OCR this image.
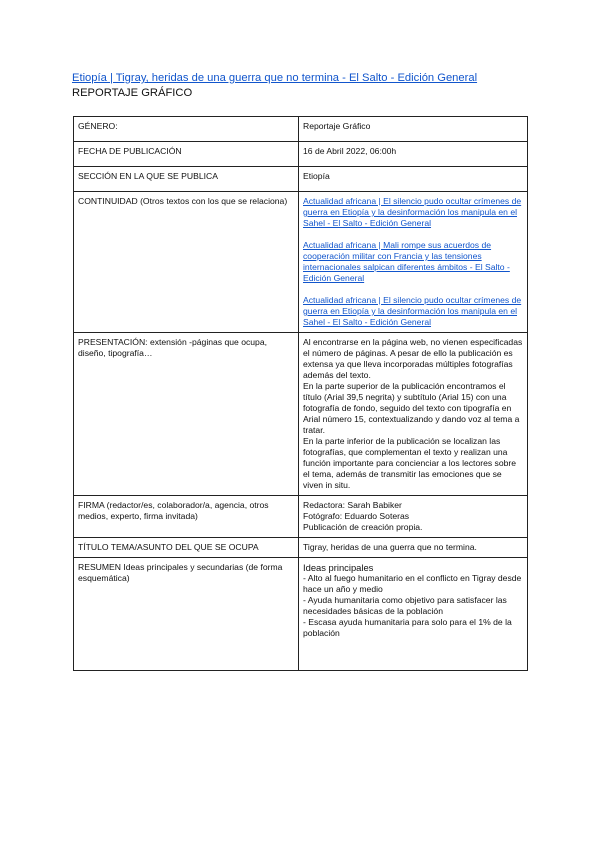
Etiopía | Tigray, heridas de una guerra que no termina - El Salto - Edición General
REPORTAJE GRÁFICO
GÉNERO:	Reportaje Gráfico
FECHA DE PUBLICACIÓN	16 de Abril 2022, 06:00h
SECCIÓN EN LA QUE SE PUBLICA	Etiopía
CONTINUIDAD (Otros textos con los que se relaciona)	Actualidad africana | El silencio pudo ocultar crímenes de guerra en Etiopía y la desinformación los manipula en el Sahel - El Salto - Edición General
Actualidad africana | Mali rompe sus acuerdos de cooperación militar con Francia y las tensiones internacionales salpican diferentes ámbitos - El Salto - Edición General
Actualidad africana | El silencio pudo ocultar crímenes de guerra en Etiopía y la desinformación los manipula en el Sahel - El Salto - Edición General

PRESENTACIÓN: extensión -páginas que ocupa, diseño, tipografía…	Al encontrarse en la página web, no vienen especificadas el número de páginas. A pesar de ello la publicación es extensa ya que lleva incorporadas múltiples fotografías además del texto.

En la parte superior de la publicación encontramos el título (Arial 39,5 negrita) y subtítulo (Arial 15) con una fotografía de fondo, seguido del texto con tipografía en Arial número 15, contextualizando y dando voz al tema a tratar.

En la parte inferior de la publicación se localizan las fotografías, que complementan el texto y realizan una función importante para concienciar a los lectores sobre el tema, además de transmitir las emociones que se viven in situ.

FIRMA (redactor/es, colaborador/a, agencia, otros medios, experto, firma invitada)	Redactora: Sarah Babiker
Fotógrafo: Eduardo Soteras
Publicación de creación propia.

TÍTULO TEMA/ASUNTO DEL QUE SE OCUPA	Tigray, heridas de una guerra que no termina.
RESUMEN Ideas principales y secundarias (de forma esquemática)	Ideas principales
- Alto al fuego humanitario en el conflicto en Tigray desde hace un año y medio
- Ayuda humanitaria como objetivo para satisfacer las necesidades básicas de la población
- Escasa ayuda humanitaria para solo para el 1% de la población
